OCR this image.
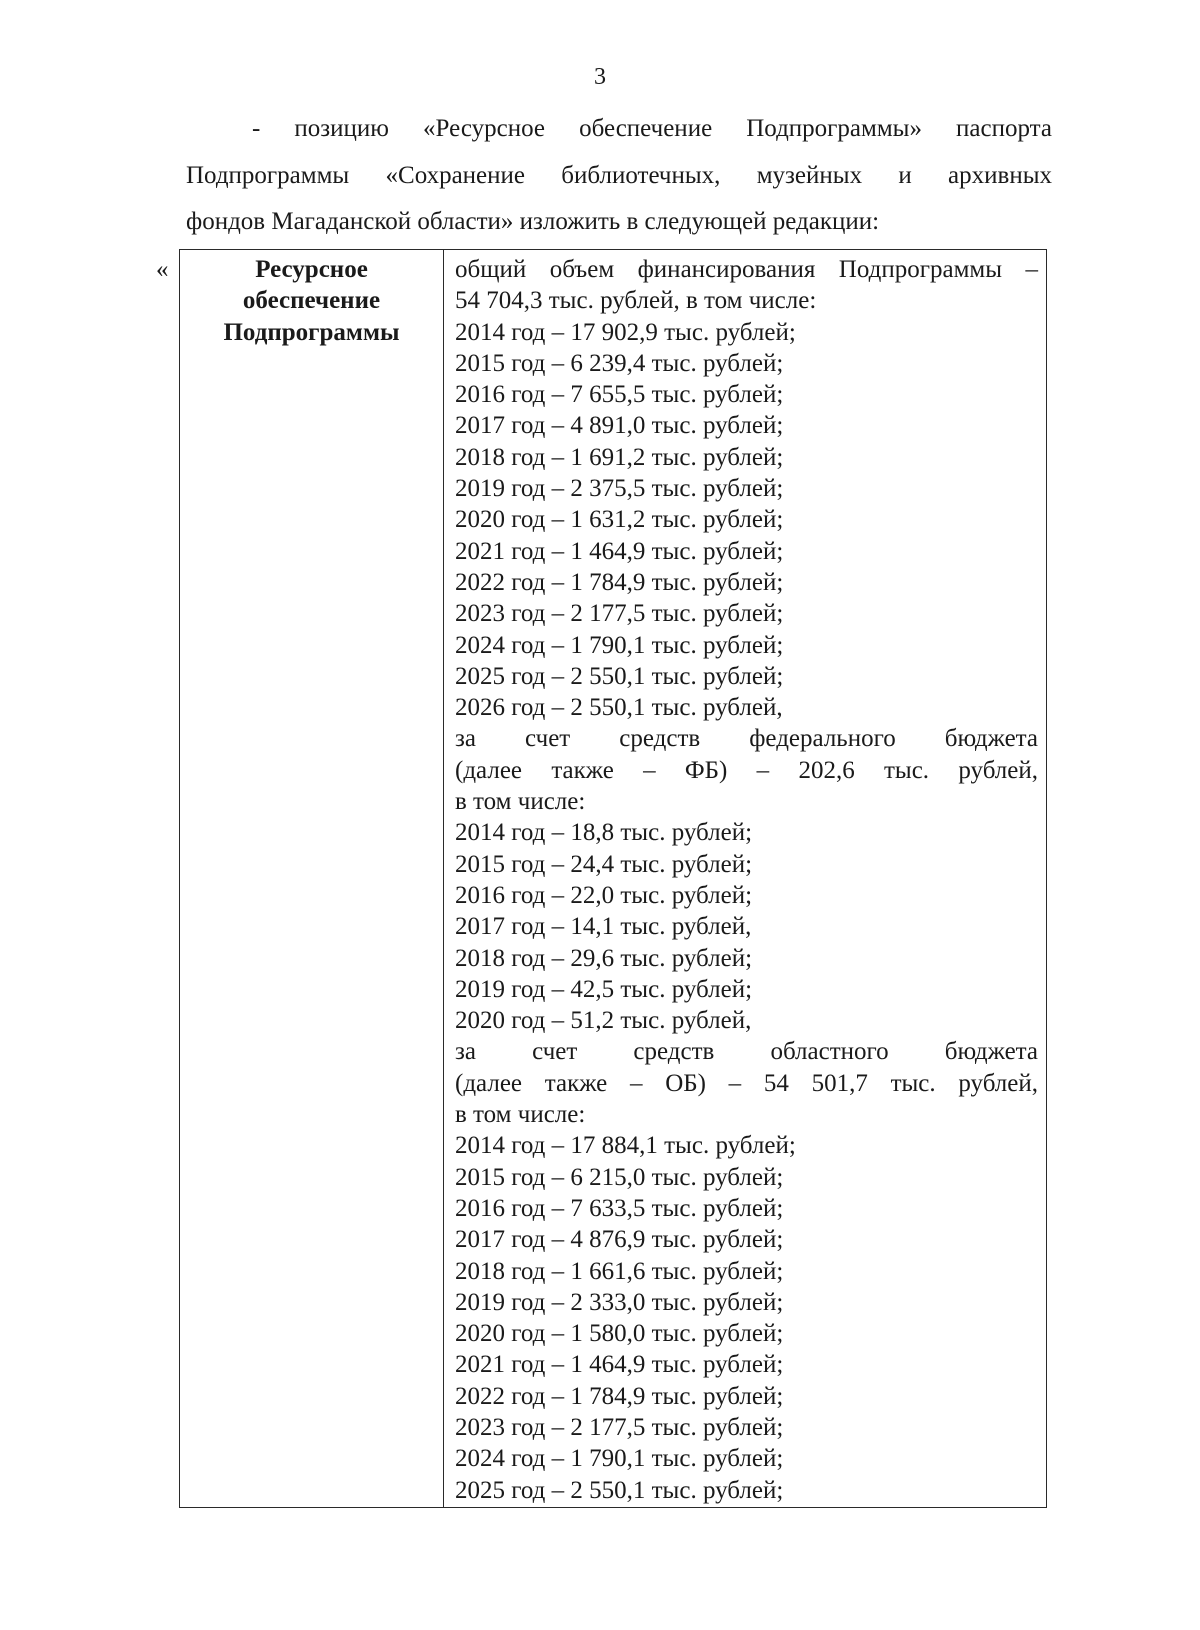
3
- позицию «Ресурсное обеспечение Подпрограммы» паспорта
Подпрограммы «Сохранение библиотечных, музейных и архивных
фондов Магаданской области» изложить в следующей редакции:
«	Ресурсное
обеспечение
Подпрограммы
общий объем финансирования Подпрограммы –
54 704,3 тыс. рублей, в том числе:
2014 год – 17 902,9 тыс. рублей;
2015 год – 6 239,4 тыс. рублей;
2016 год – 7 655,5 тыс. рублей;
2017 год – 4 891,0 тыс. рублей;
2018 год – 1 691,2 тыс. рублей;
2019 год – 2 375,5 тыс. рублей;
2020 год – 1 631,2 тыс. рублей;
2021 год – 1 464,9 тыс. рублей;
2022 год – 1 784,9 тыс. рублей;
2023 год – 2 177,5 тыс. рублей;
2024 год – 1 790,1 тыс. рублей;
2025 год – 2 550,1 тыс. рублей;
2026 год – 2 550,1 тыс. рублей,
за счет средств федерального бюджета
(далее также – ФБ) – 202,6 тыс. рублей,
в том числе:
2014 год – 18,8 тыс. рублей;
2015 год – 24,4 тыс. рублей;
2016 год – 22,0 тыс. рублей;
2017 год – 14,1 тыс. рублей,
2018 год – 29,6 тыс. рублей;
2019 год – 42,5 тыс. рублей;
2020 год – 51,2 тыс. рублей,
за счет средств областного бюджета
(далее также – ОБ) – 54 501,7 тыс. рублей,
в том числе:
2014 год – 17 884,1 тыс. рублей;
2015 год – 6 215,0 тыс. рублей;
2016 год – 7 633,5 тыс. рублей;
2017 год – 4 876,9 тыс. рублей;
2018 год – 1 661,6 тыс. рублей;
2019 год – 2 333,0 тыс. рублей;
2020 год – 1 580,0 тыс. рублей;
2021 год – 1 464,9 тыс. рублей;
2022 год – 1 784,9 тыс. рублей;
2023 год – 2 177,5 тыс. рублей;
2024 год – 1 790,1 тыс. рублей;
2025 год – 2 550,1 тыс. рублей;
